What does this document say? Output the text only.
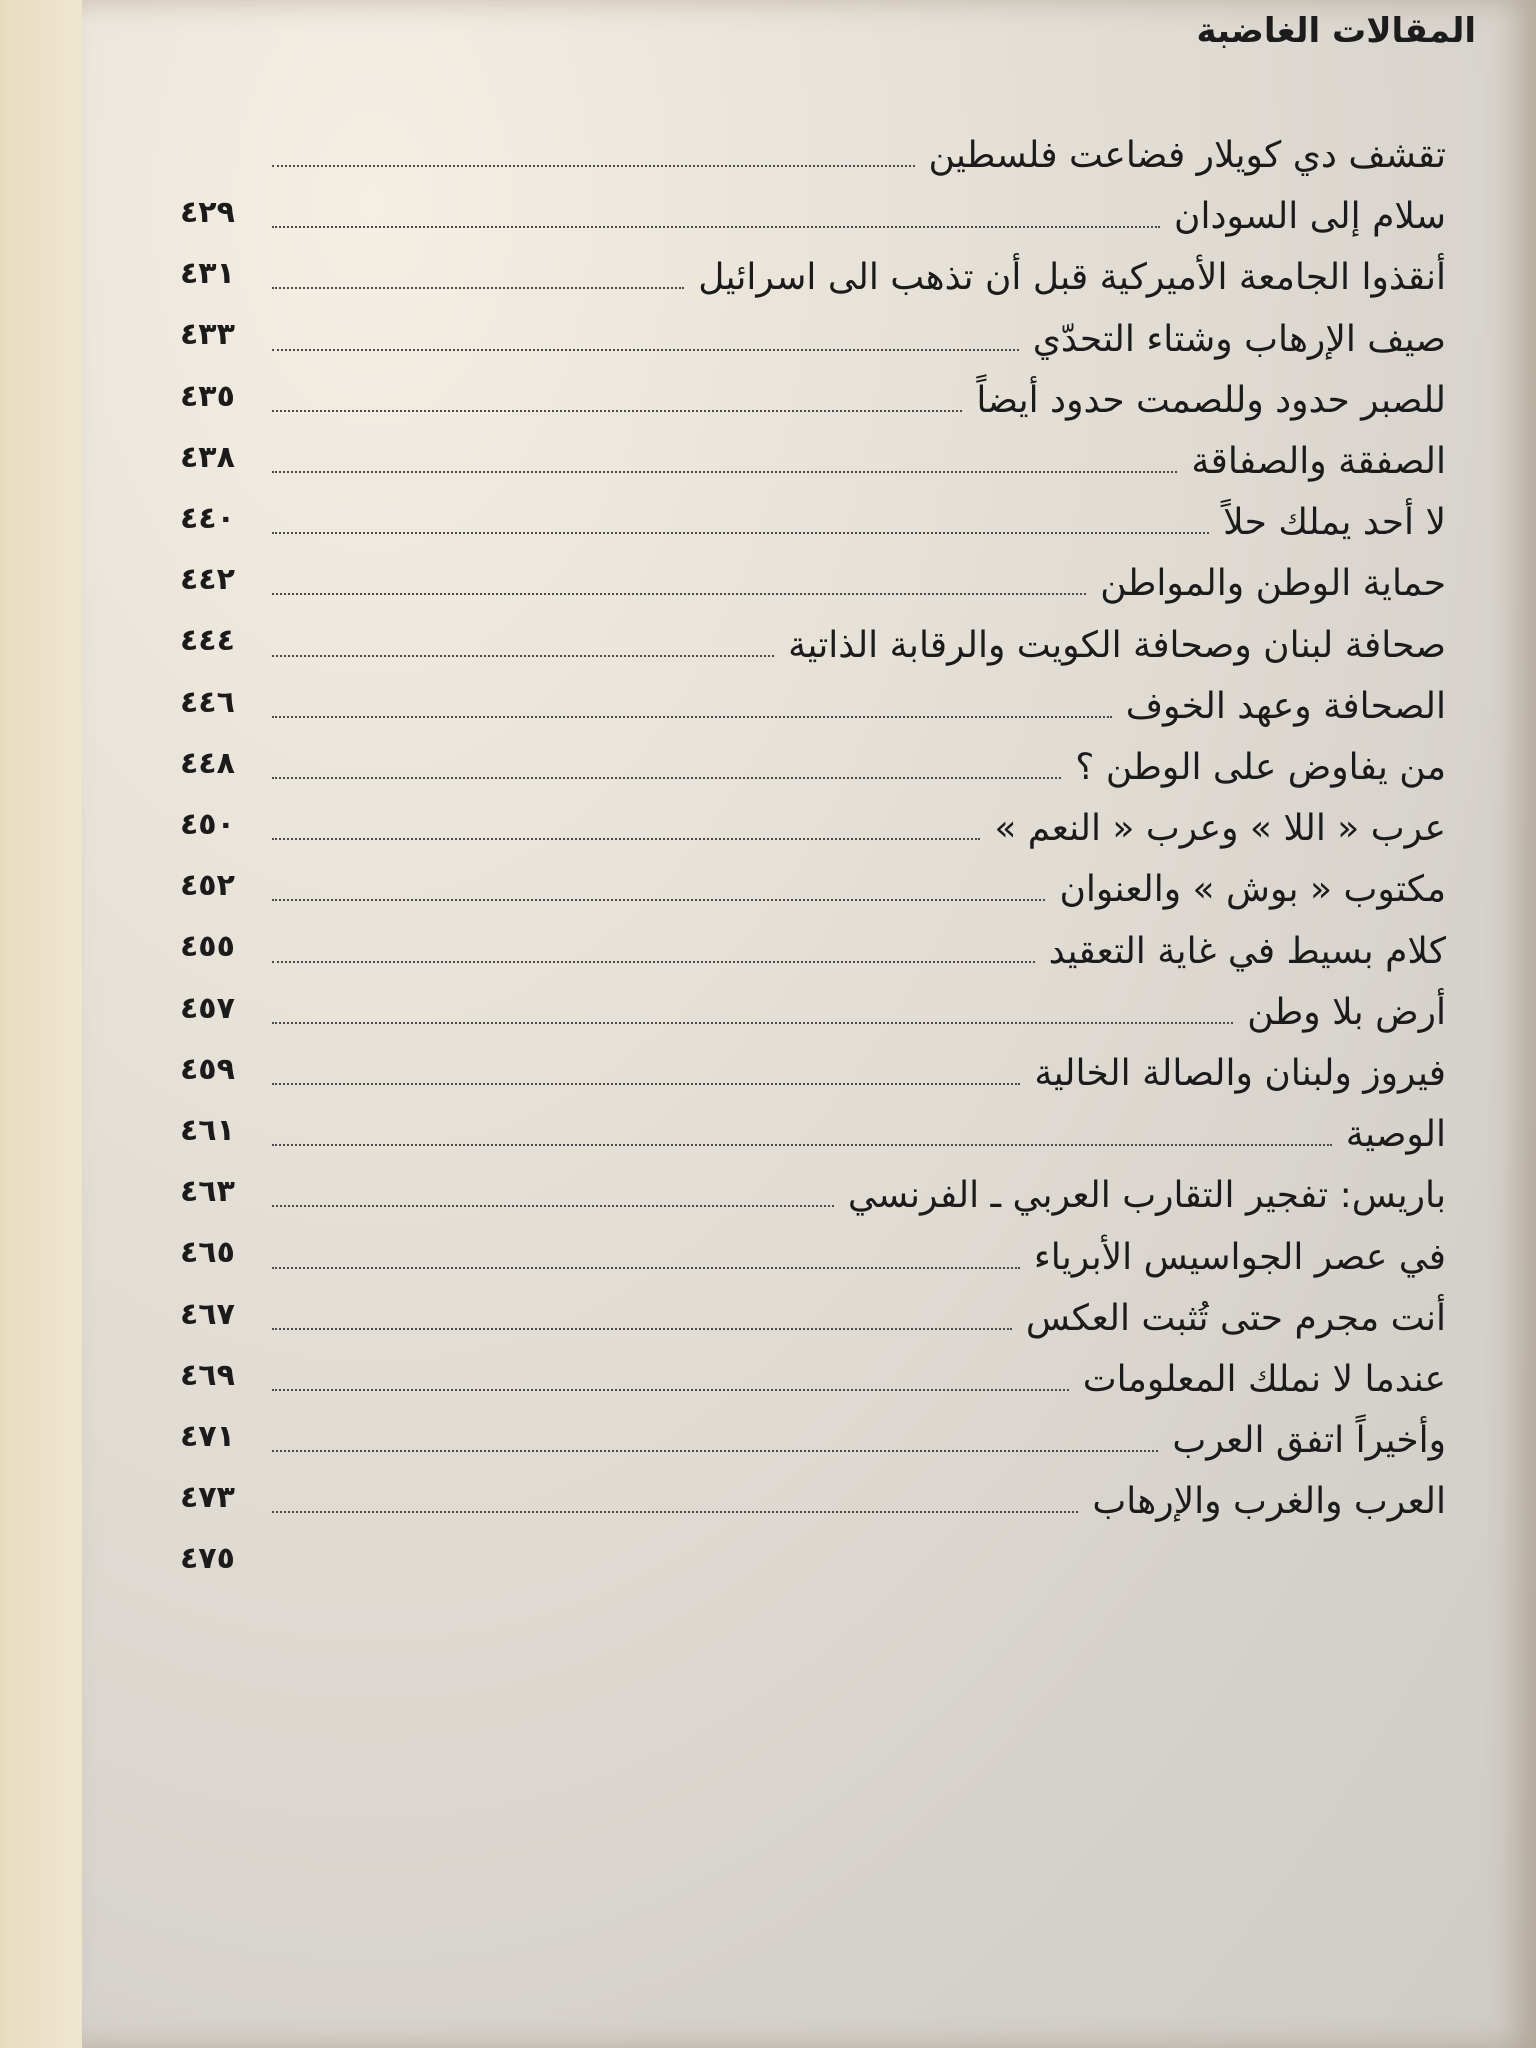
المقالات الغاضبة
تقشف دي كويلار فضاعت فلسطين
٤٢٩	سلام إلى السودان
٤٣١	أنقذوا الجامعة الأميركية قبل أن تذهب الى اسرائيل
٤٣٣	صيف الإرهاب وشتاء التحدّي
٤٣٥	للصبر حدود وللصمت حدود أيضاً
٤٣٨	الصفقة والصفاقة
٤٤٠	لا أحد يملك حلاً
٤٤٢	حماية الوطن والمواطن
٤٤٤	صحافة لبنان وصحافة الكويت والرقابة الذاتية
٤٤٦	الصحافة وعهد الخوف
٤٤٨	من يفاوض على الوطن ؟
٤٥٠	عرب « اللا » وعرب « النعم »
٤٥٢	مكتوب « بوش » والعنوان
٤٥٥	كلام بسيط في غاية التعقيد
٤٥٧	أرض بلا وطن
٤٥٩	فيروز ولبنان والصالة الخالية
٤٦١	الوصية
٤٦٣	باريس: تفجير التقارب العربي ـ الفرنسي
٤٦٥	في عصر الجواسيس الأبرياء
٤٦٧	أنت مجرم حتى تُثبت العكس
٤٦٩	عندما لا نملك المعلومات
٤٧١	وأخيراً اتفق العرب
٤٧٣	العرب والغرب والإرهاب
٤٧٥
